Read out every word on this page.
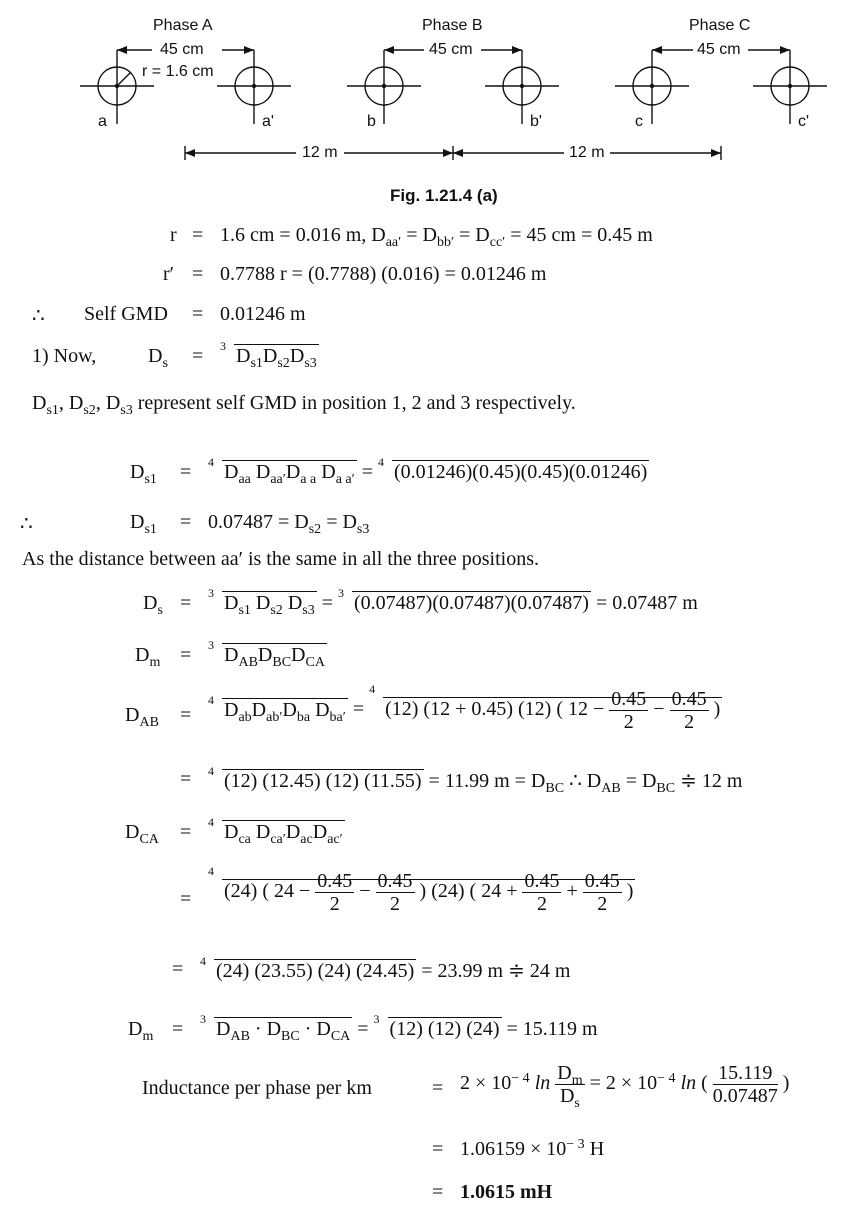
Phase A	Phase B	Phase C
45 cm	45 cm	45 cm
r = 1.6 cm
a	a'	b	b'	c	c'
12 m	12 m
Fig. 1.21.4 (a)
r = 1.6 cm = 0.016 m, $D_{aa'} = D_{bb'} = D_{cc'} = 45$ cm = 0.45 m
r′ = 0.7788 r = (0.7788) (0.016) = 0.01246 m
∴ Self GMD = 0.01246 m
1) Now,	$D_s = 3$ $D_{s1}D_{s2}D_{s3}$
$D_{s1}$, $D_{s2}$, $D_{s3}$ represent self GMD in position 1, 2 and 3 respectively.
$D_{s1} = 4$ $D_{aa}$ $D_{aa'}D_{a a}$ $D_{a a'} = 4$ (0.01246)(0.45)(0.45)(0.01246)
∴	$D_{s1} = 0.07487 = D_{s2} = D_{s3}$
As the distance between aa′ is the same in all the three positions.
$D_s = 3$ $D_{s1}$ $D_{s2}$ $D_{s3} = 3$ (0.07487)(0.07487)(0.07487) = 0.07487 m
$D_m = 3$ $D_{AB}D_{BC}D_{CA}$
$D_{AB}$ =
4 $D_{ab}D_{ab'}D_{ba}$ $D_{ba'}$ =
4
(12) (12 + 0.45) (12) ( $12 - \frac{0.45}{2} - \frac{0.45}{2}$ )
= 4 (12) (12.45) (12) (11.55) = 11.99 $m = D_{BC}$ ∴ $D_{AB} = D_{BC}$ ≑ 12 m
$D_{CA} = 4$ $D_{ca}$ $D_{ca'}D_{ac}D_{ac'}$
=
4
(24) ( $24 - \frac{0.45}{2} - \frac{0.45}{2}$ ) (24) ( $24 + \frac{0.45}{2} + \frac{0.45}{2}$ )
= 4 (24) (23.55) (24) (24.45) = 23.99 m ≑ 24 m
$D_m = 3$ $D_{AB} \cdot D_{BC} \cdot D_{CA} = 3$ (12) (12) (24) = 15.119 m
Inductance per phase per km	= $2 \times 10^{- 4}$ $\ln \frac{D_m}{D_s} = 2 \times 10^{- 4}$ ln ( $\frac{15.119}{0.07487}$ )
= $1.06159 \times 10^{- 3}$ H
= 1.0615 mH
